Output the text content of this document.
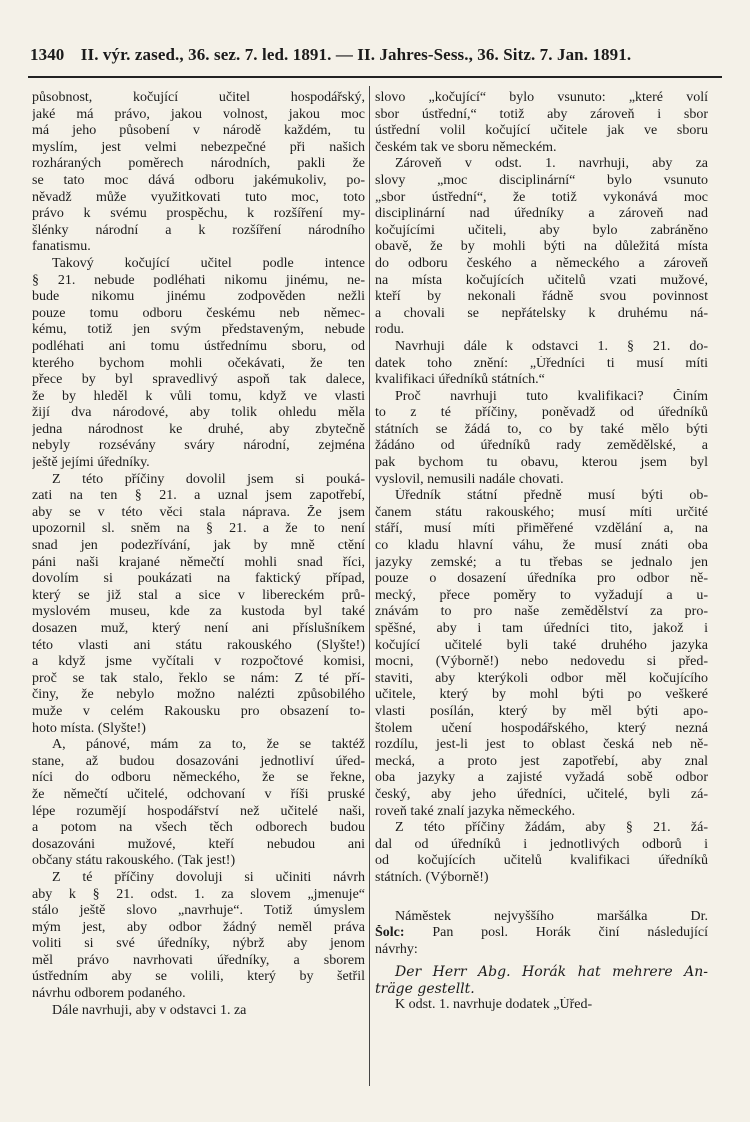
1340 II. výr. zased., 36. sez. 7. led. 1891. — II. Jahres-Sess., 36. Sitz. 7. Jan. 1891.
působnost, kočující učitel hospodářský,
jaké má právo, jakou volnost, jakou moc
má jeho působení v národě každém, tu
myslím, jest velmi nebezpečné při našich
rozháraných poměrech národních, pakli že
se tato moc dává odboru jakémukoliv, po-
něvadž může využitkovati tuto moc, toto
právo k svému prospěchu, k rozšíření my-
šlénky národní a k rozšíření národního
fanatismu.
Takový kočující učitel podle intence
§ 21. nebude podléhati nikomu jinému, ne-
bude nikomu jinému zodpověden nežli
pouze tomu odboru českému neb němec-
kému, totiž jen svým představeným, nebude
podléhati ani tomu ústřednímu sboru, od
kterého bychom mohli očekávati, že ten
přece by byl spravedlivý aspoň tak dalece,
že by hleděl k vůli tomu, když ve vlasti
žijí dva národové, aby tolik ohledu měla
jedna národnost ke druhé, aby zbytečně
nebyly rozsévány sváry národní, zejména
ještě jejími úředníky.
Z této příčiny dovolil jsem si pouká-
zati na ten § 21. a uznal jsem zapotřebí,
aby se v této věci stala náprava. Že jsem
upozornil sl. sněm na § 21. a že to není
snad jen podezřívání, jak by mně ctění
páni naši krajané němečtí mohli snad říci,
dovolím si poukázati na faktický případ,
který se již stal a sice v libereckém prů-
myslovém museu, kde za kustoda byl také
dosazen muž, který není ani příslušníkem
této vlasti ani státu rakouského (Slyšte!)
a když jsme vyčítali v rozpočtové komisi,
proč se tak stalo, řeklo se nám: Z té pří-
činy, že nebylo možno nalézti způsobilého
muže v celém Rakousku pro obsazení to-
hoto místa. (Slyšte!)
A, pánové, mám za to, že se taktéž
stane, až budou dosazováni jednotliví úřed-
níci do odboru německého, že se řekne,
že němečtí učitelé, odchovaní v říši pruské
lépe rozumějí hospodářství než učitelé naši,
a potom na všech těch odborech budou
dosazováni mužové, kteří nebudou ani
občany státu rakouského. (Tak jest!)
Z té příčiny dovoluji si učiniti návrh
aby k § 21. odst. 1. za slovem „jmenuje“
stálo ještě slovo „navrhuje“. Totiž úmyslem
mým jest, aby odbor žádný neměl práva
voliti si své úředníky, nýbrž aby jenom
měl právo navrhovati úředníky, a sborem
ústředním aby se volili, který by šetřil
návrhu odborem podaného.
Dále navrhuji, aby v odstavci 1. za
slovo „kočující“ bylo vsunuto: „které volí
sbor ústřední,“ totiž aby zároveň i sbor
ústřední volil kočující učitele jak ve sboru
českém tak ve sboru německém.
Zároveň v odst. 1. navrhuji, aby za
slovy „moc disciplinární“ bylo vsunuto
„sbor ústřední“, že totiž vykonává moc
disciplinární nad úředníky a zároveň nad
kočujícími učiteli, aby bylo zabráněno
obavě, že by mohli býti na důležitá místa
do odboru českého a německého a zároveň
na místa kočujících učitelů vzati mužové,
kteří by nekonali řádně svou povinnost
a chovali se nepřátelsky k druhému ná-
rodu.
Navrhuji dále k odstavci 1. § 21. do-
datek toho znění: „Úředníci ti musí míti
kvalifikaci úředníků státních.“
Proč navrhuji tuto kvalifikaci? Činím
to z té příčiny, poněvadž od úředníků
státních se žádá to, co by také mělo býti
žádáno od úředníků rady zemědělské, a
pak bychom tu obavu, kterou jsem byl
vyslovil, nemusili nadále chovati.
Úředník státní předně musí býti ob-
čanem státu rakouského; musí míti určité
stáří, musí míti přiměřené vzdělání a, na
co kladu hlavní váhu, že musí znáti oba
jazyky zemské; a tu třebas se jednalo jen
pouze o dosazení úředníka pro odbor ně-
mecký, přece poměry to vyžadují a u-
znávám to pro naše zemědělství za pro-
spěšné, aby i tam úředníci tito, jakož i
kočující učitelé byli také druhého jazyka
mocni, (Výborně!) nebo nedovedu si před-
staviti, aby kterýkoli odbor měl kočujícího
učitele, který by mohl býti po veškeré
vlasti posílán, který by měl býti apo-
štolem učení hospodářského, který nezná
rozdílu, jest-li jest to oblast česká neb ně-
mecká, a proto jest zapotřebí, aby znal
oba jazyky a zajisté vyžadá sobě odbor
český, aby jeho úředníci, učitelé, byli zá-
roveň také znalí jazyka německého.
Z této příčiny žádám, aby § 21. žá-
dal od úředníků i jednotlivých odborů i
od kočujících učitelů kvalifikaci úředníků
státních. (Výborně!)
Náměstek nejvyššího maršálka Dr.
Šolc: Pan posl. Horák činí následující
návrhy:
Der Herr Abg. Horák hat mehrere An-
träge gestellt.
K odst. 1. navrhuje dodatek „Úřed-
